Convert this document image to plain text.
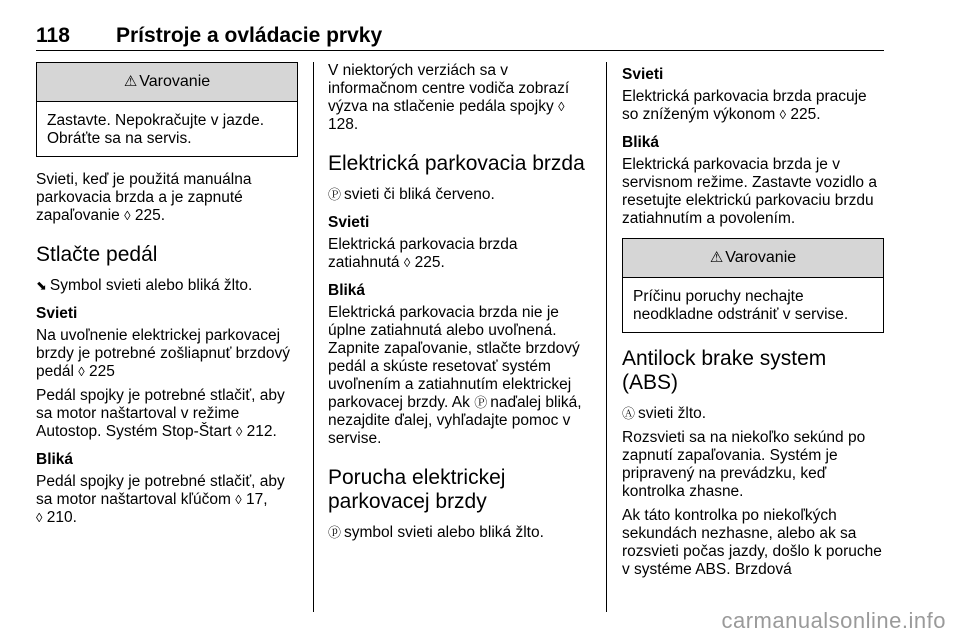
118 Prístroje a ovládacie prvky
⚠ Varovanie
Zastavte. Nepokračujte v jazde. Obráťte sa na servis.

Svieti, keď je použitá manuálna parkovacia brzda a je zapnuté zapaľovanie ◊ 225.

Stlačte pedál

⬊ Symbol svieti alebo bliká žlto.

Svieti

Na uvoľnenie elektrickej parkovacej brzdy je potrebné zošliapnuť brzdový pedál ◊ 225

Pedál spojky je potrebné stlačiť, aby sa motor naštartoval v režime Autostop. Systém Stop-Štart ◊ 212.

Bliká

Pedál spojky je potrebné stlačiť, aby sa motor naštartoval kľúčom ◊ 17,
◊ 210.

V niektorých verziách sa v informačnom centre vodiča zobrazí výzva na stlačenie pedála spojky ◊ 128.

Elektrická parkovacia brzda

Ⓟ svieti či bliká červeno.

Svieti

Elektrická parkovacia brzda zatiahnutá ◊ 225.

Bliká

Elektrická parkovacia brzda nie je úplne zatiahnutá alebo uvoľnená. Zapnite zapaľovanie, stlačte brzdový pedál a skúste resetovať systém uvoľnením a zatiahnutím elektrickej parkovacej brzdy. Ak Ⓟ naďalej bliká, nezajdite ďalej, vyhľadajte pomoc v servise.

Porucha elektrickej parkovacej brzdy

ⓟ symbol svieti alebo bliká žlto.

Svieti

Elektrická parkovacia brzda pracuje so zníženým výkonom ◊ 225.

Bliká

Elektrická parkovacia brzda je v servisnom režime. Zastavte vozidlo a resetujte elektrickú parkovaciu brzdu zatiahnutím a povolením.

⚠ Varovanie
Príčinu poruchy nechajte neodkladne odstrániť v servise.
Antilock brake system (ABS)

Ⓐ svieti žlto.

Rozsvieti sa na niekoľko sekúnd po zapnutí zapaľovania. Systém je pripravený na prevádzku, keď kontrolka zhasne.

Ak táto kontrolka po niekoľkých sekundách nezhasne, alebo ak sa rozsvieti počas jazdy, došlo k poruche v systéme ABS. Brzdová

carmanualsonline.info
